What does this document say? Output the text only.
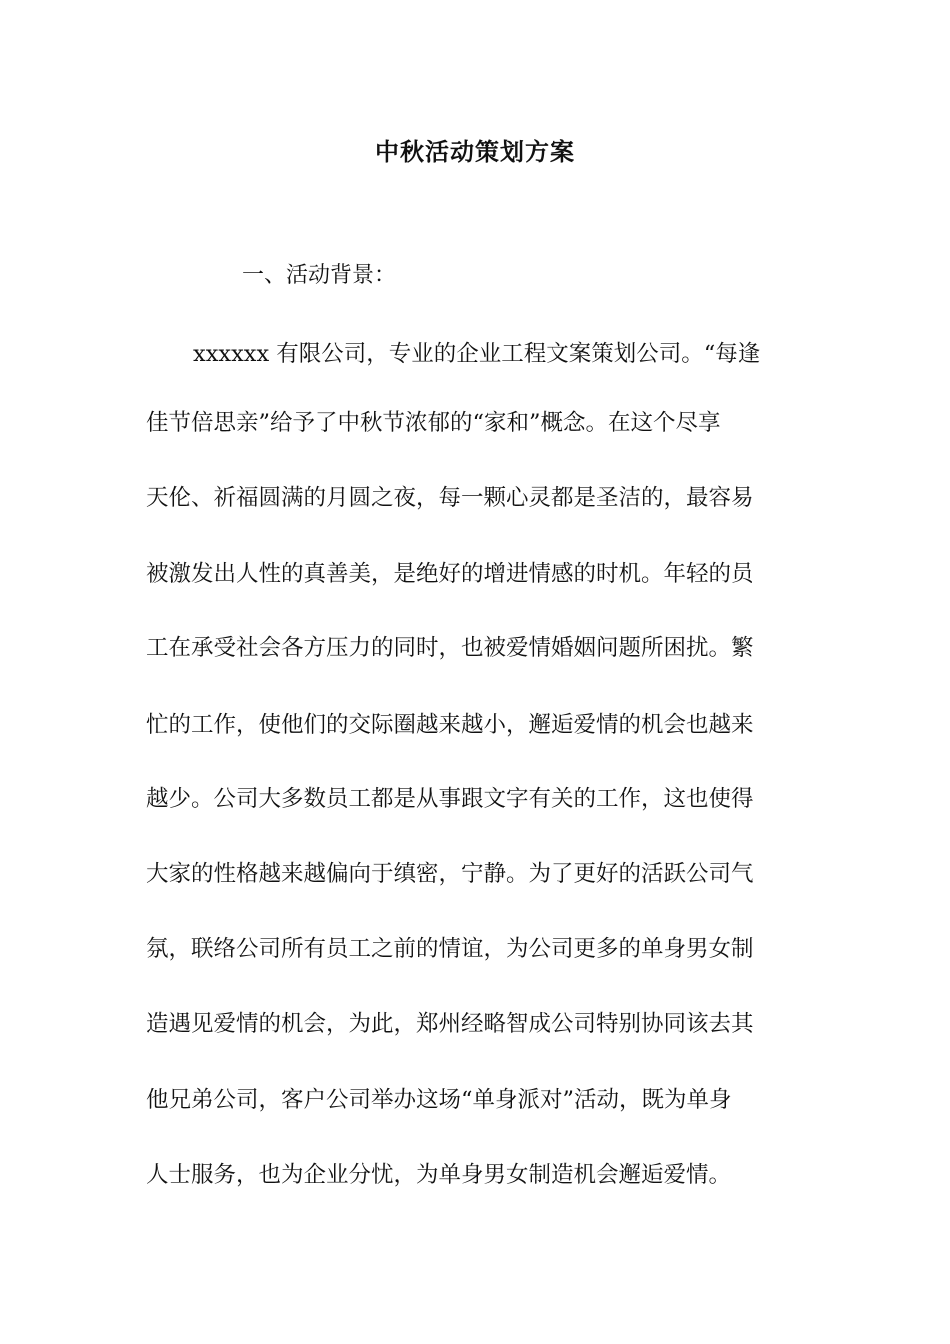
中秋活动策划方案
一、活动背景：
xxxxxx 有限公司，专业的企业工程文案策划公司。“每逢
佳节倍思亲”给予了中秋节浓郁的“家和”概念。在这个尽享
天伦、祈福圆满的月圆之夜，每一颗心灵都是圣洁的，最容易
被激发出人性的真善美，是绝好的增进情感的时机。年轻的员
工在承受社会各方压力的同时，也被爱情婚姻问题所困扰。繁
忙的工作，使他们的交际圈越来越小，邂逅爱情的机会也越来
越少。公司大多数员工都是从事跟文字有关的工作，这也使得
大家的性格越来越偏向于缜密，宁静。为了更好的活跃公司气
氛，联络公司所有员工之前的情谊，为公司更多的单身男女制
造遇见爱情的机会，为此，郑州经略智成公司特别协同该去其
他兄弟公司，客户公司举办这场“单身派对”活动，既为单身
人士服务，也为企业分忧，为单身男女制造机会邂逅爱情。
